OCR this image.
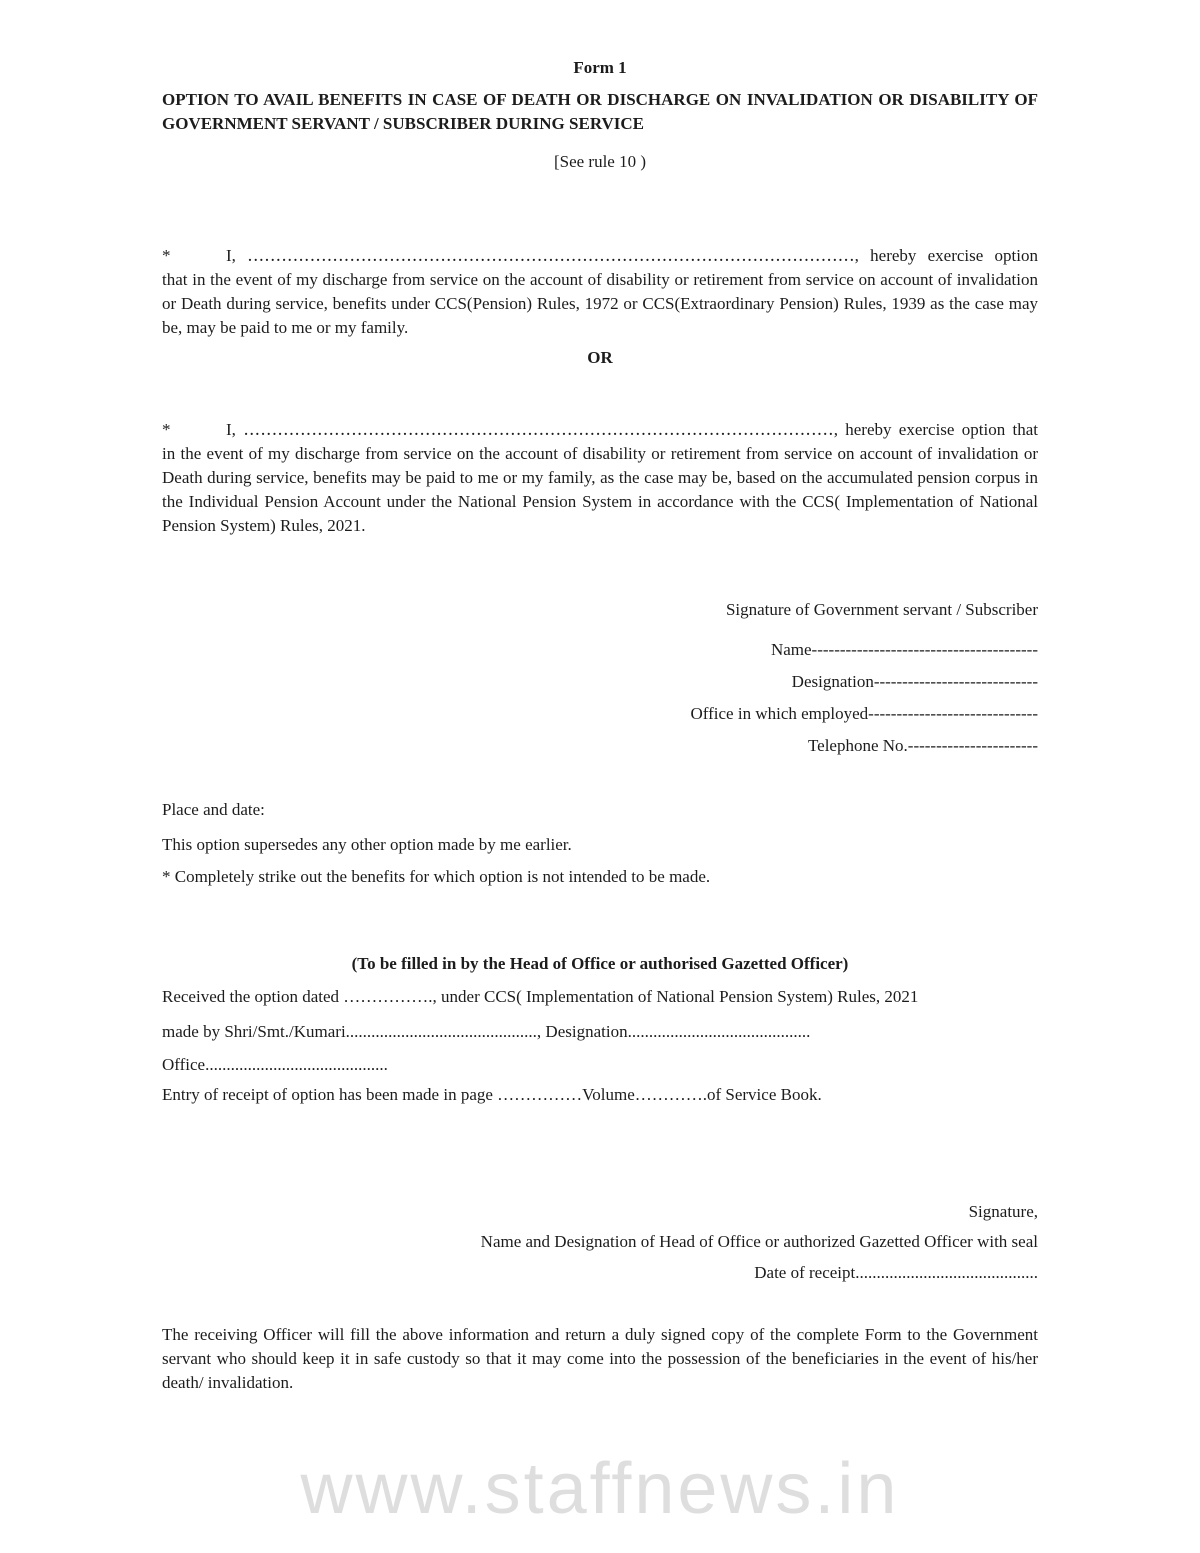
Form 1

OPTION TO AVAIL BENEFITS IN CASE OF DEATH OR DISCHARGE ON INVALIDATION OR DISABILITY OF GOVERNMENT SERVANT / SUBSCRIBER DURING SERVICE

[See rule 10 )

*	I, ․․․․․․․․․․․․․․․․․․․․․․․․․․․․․․․․․․․․․․․․․․․․․․․․․․․․․․․․․․․․․․․․․․․․․․․․․․․․․․․․․․․․․․․․․․․․․․․․․․․․․․․․․․․, hereby exercise option that in the event of my discharge from service on the account of disability or retirement from service on account of invalidation or Death during service, benefits under CCS(Pension) Rules, 1972 or CCS(Extraordinary Pension) Rules, 1939 as the case may be, may be paid to me or my family.

OR

*	I, ․․․․․․․․․․․․․․․․․․․․․․․․․․․․․․․․․․․․․․․․․․․․․․․․․․․․․․․․․․․․․․․․․․․․․․․․․․․․․․․․․․․․․․․․․․․․․․․․․․․․․․․․, hereby exercise option that in the event of my discharge from service on the account of disability or retirement from service on account of invalidation or Death during service, benefits may be paid to me or my family, as the case may be, based on the accumulated pension corpus in the Individual Pension Account under the National Pension System in accordance with the CCS( Implementation of National Pension System) Rules, 2021.

Signature of Government servant / Subscriber

Name----------------------------------------

Designation-----------------------------

Office in which employed------------------------------

Telephone No.-----------------------

Place and date:

This option supersedes any other option made by me earlier.

* Completely strike out the benefits for which option is not intended to be made.

(To be filled in by the Head of Office or authorised Gazetted Officer)

Received the option dated ……………., under CCS( Implementation of National Pension System) Rules, 2021

made by Shri/Smt./Kumari............................................., Designation...........................................

Office...........................................

Entry of receipt of option has been made in page ……………Volume………….of Service Book.

Signature,

Name and Designation of Head of Office or authorized Gazetted Officer with seal

Date of receipt...........................................

The receiving Officer will fill the above information and return a duly signed copy of the complete Form to the Government servant who should keep it in safe custody so that it may come into the possession of the beneficiaries in the event of his/her death/ invalidation.

www.staffnews.in
